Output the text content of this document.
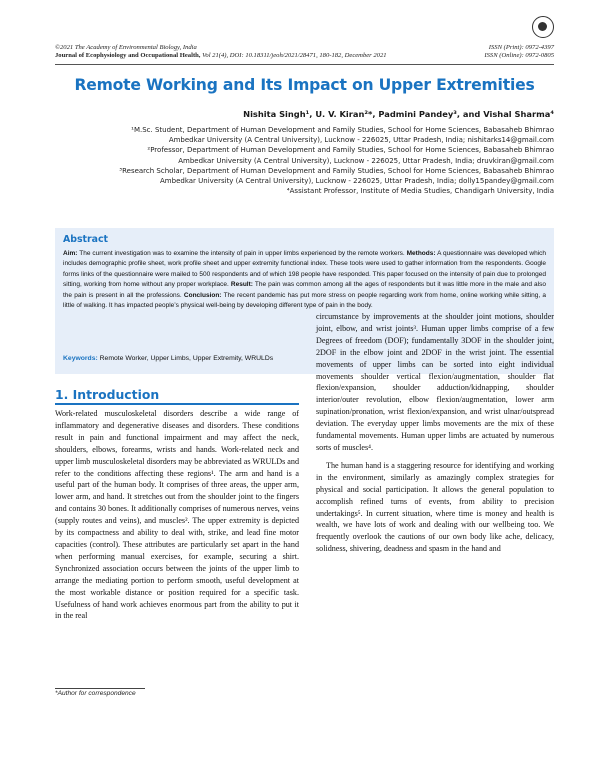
©2021 The Academy of Environmental Biology, India
Journal of Ecophysiology and Occupational Health, Vol 21(4), DOI: 10.18311/jeoh/2021/28471, 180-182, December 2021
ISSN (Print): 0972-4397
ISSN (Online): 0972-0805
Remote Working and Its Impact on Upper Extremities
Nishita Singh¹, U. V. Kiran²*, Padmini Pandey³, and Vishal Sharma⁴
¹M.Sc. Student, Department of Human Development and Family Studies, School for Home Sciences, Babasaheb Bhimrao
Ambedkar University (A Central University), Lucknow - 226025, Uttar Pradesh, India; nishitarks14@gmail.com
²Professor, Department of Human Development and Family Studies, School for Home Sciences, Babasaheb Bhimrao
Ambedkar University (A Central University), Lucknow - 226025, Uttar Pradesh, India; druvkiran@gmail.com
³Research Scholar, Department of Human Development and Family Studies, School for Home Sciences, Babasaheb Bhimrao
Ambedkar University (A Central University), Lucknow - 226025, Uttar Pradesh, India; dolly15pandey@gmail.com
⁴Assistant Professor, Institute of Media Studies, Chandigarh University, India
Abstract
Aim: The current investigation was to examine the intensity of pain in upper limbs experienced by the remote workers. Methods: A questionnaire was developed which includes demographic profile sheet, work profile sheet and upper extremity functional index. These tools were used to gather information from the respondents. Google forms links of the questionnaire were mailed to 500 respondents and of which 198 people have responded. This paper focused on the intensity of pain due to prolonged sitting, working from home without any proper workplace. Result: The pain was common among all the ages of respondents but it was little more in the male and also the pain is present in all the professions. Conclusion: The recent pandemic has put more stress on people regarding work from home, online working while sitting, a little of walking. It has impacted people’s physical well-being by developing different type of pain in the body.
Keywords: Remote Worker, Upper Limbs, Upper Extremity, WRULDs
1. Introduction

Work-related musculoskeletal disorders describe a wide range of inflammatory and degenerative diseases and disorders. These conditions result in pain and functional impairment and may affect the neck, shoulders, elbows, forearms, wrists and hands. Work-related neck and upper limb musculoskeletal disorders may be abbreviated as WRULDs and refer to the conditions affecting these regions¹. The arm and hand is a useful part of the human body. It comprises of three areas, the upper arm, lower arm, and hand. It stretches out from the shoulder joint to the fingers and contains 30 bones. It additionally comprises of numerous nerves, veins (supply routes and veins), and muscles². The upper extremity is depicted by its compactness and ability to deal with, strike, and lead fine motor capacities (control). These attributes are particularly set apart in the hand when performing manual exercises, for example, securing a shirt. Synchronized association occurs between the joints of the upper limb to arrange the mediating portion to perform smooth, useful development at the most workable distance or position required for a specific task. Usefulness of hand work achieves enormous part from the ability to put it in the real

circumstance by improvements at the shoulder joint motions, shoulder joint, elbow, and wrist joints³. Human upper limbs comprise of a few Degrees of freedom (DOF); fundamentally 3DOF in the shoulder joint, 2DOF in the elbow joint and 2DOF in the wrist joint. The essential movements of upper limbs can be sorted into eight individual movements shoulder vertical flexion/augmentation, shoulder flat flexion/expansion, shoulder adduction/kidnapping, shoulder interior/outer revolution, elbow flexion/augmentation, lower arm supination/pronation, wrist flexion/expansion, and wrist ulnar/outspread deviation. The everyday upper limbs movements are the mix of these fundamental movements. Human upper limbs are actuated by numerous sorts of muscles⁴.

The human hand is a staggering resource for identifying and working in the environment, similarly as amazingly complex strategies for physical and social participation. It allows the general population to accomplish refined turns of events, from ability to precision undertakings⁵. In current situation, where time is money and health is wealth, we have lots of work and dealing with our wellbeing too. We frequently overlook the cautions of our own body like ache, delicacy, solidness, shivering, deadness and spasm in the hand and

*Author for correspondence
